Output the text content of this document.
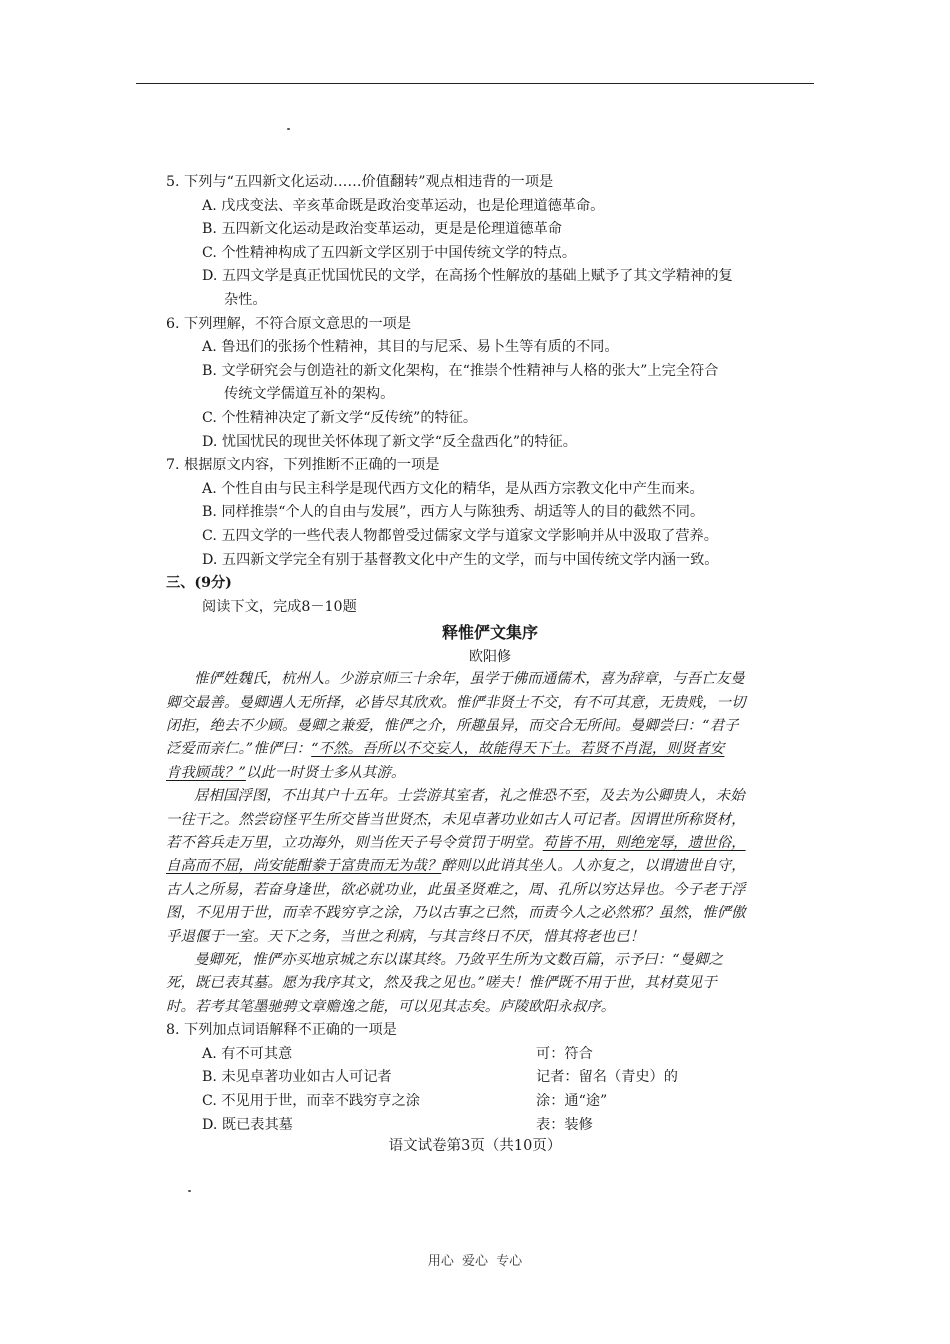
5. 下列与“五四新文化运动……价值翻转”观点相违背的一项是
A. 戊戌变法、辛亥革命既是政治变革运动，也是伦理道德革命。
B. 五四新文化运动是政治变革运动，更是是伦理道德革命
C. 个性精神构成了五四新文学区别于中国传统文学的特点。
D. 五四文学是真正忧国忧民的文学，在高扬个性解放的基础上赋予了其文学精神的复
杂性。
6. 下列理解，不符合原文意思的一项是
A. 鲁迅们的张扬个性精神，其目的与尼采、易卜生等有质的不同。
B. 文学研究会与创造社的新文化架构，在“推崇个性精神与人格的张大”上完全符合
传统文学儒道互补的架构。
C. 个性精神决定了新文学“反传统”的特征。
D. 忧国忧民的现世关怀体现了新文学“反全盘西化”的特征。
7. 根据原文内容，下列推断不正确的一项是
A. 个性自由与民主科学是现代西方文化的精华，是从西方宗教文化中产生而来。
B. 同样推崇“个人的自由与发展”，西方人与陈独秀、胡适等人的目的截然不同。
C. 五四文学的一些代表人物都曾受过儒家文学与道家文学影响并从中汲取了营养。
D. 五四新文学完全有别于基督教文化中产生的文学，而与中国传统文学内涵一致。
三、(9分)
阅读下文，完成8－10题
释惟俨文集序
欧阳修
惟俨姓魏氏，杭州人。少游京师三十余年，虽学于佛而通儒术，喜为辞章，与吾亡友曼
卿交最善。曼卿遇人无所择，必皆尽其欣欢。惟俨非贤士不交，有不可其意，无贵贱，一切
闭拒，绝去不少顾。曼卿之兼爱，惟俨之介，所趣虽异，而交合无所间。曼卿尝曰：“君子
泛爱而亲仁。”惟俨曰：“不然。吾所以不交妄人，故能得天下士。若贤不肖混，则贤者安
肯我顾哉？”以此一时贤士多从其游。
居相国浮图，不出其户十五年。士尝游其室者，礼之惟恐不至，及去为公卿贵人，未始
一往干之。然尝窃怪平生所交皆当世贤杰，未见卓著功业如古人可记者。因谓世所称贤材，
若不笞兵走万里，立功海外，则当佐天子号令赏罚于明堂。苟皆不用，则绝宠辱，遗世俗，
自高而不屈，尚安能酣豢于富贵而无为哉？醉则以此诮其坐人。人亦复之，以谓遗世自守，
古人之所易，若奋身逢世，欲必就功业，此虽圣贤难之，周、孔所以穷达异也。今子老于浮
图，不见用于世，而幸不践穷亨之涂，乃以古事之已然，而责今人之必然邪？虽然，惟俨傲
乎退偃于一室。天下之务，当世之利病，与其言终日不厌，惜其将老也已！
曼卿死，惟俨亦买地京城之东以谋其终。乃敛平生所为文数百篇，示予曰：“曼卿之
死，既已表其墓。愿为我序其文，然及我之见也。”嗟夫！惟俨既不用于世，其材莫见于
时。若考其笔墨驰骋文章赡逸之能，可以见其志矣。庐陵欧阳永叔序。
8. 下列加点词语解释不正确的一项是
A. 有不可其意	可：符合
B. 未见卓著功业如古人可记者	记者：留名（青史）的
C. 不见用于世，而幸不践穷亨之涂	涂：通“途”
D. 既已表其墓	表：装修
语文试卷第3页（共10页）
用心 爱心 专心
